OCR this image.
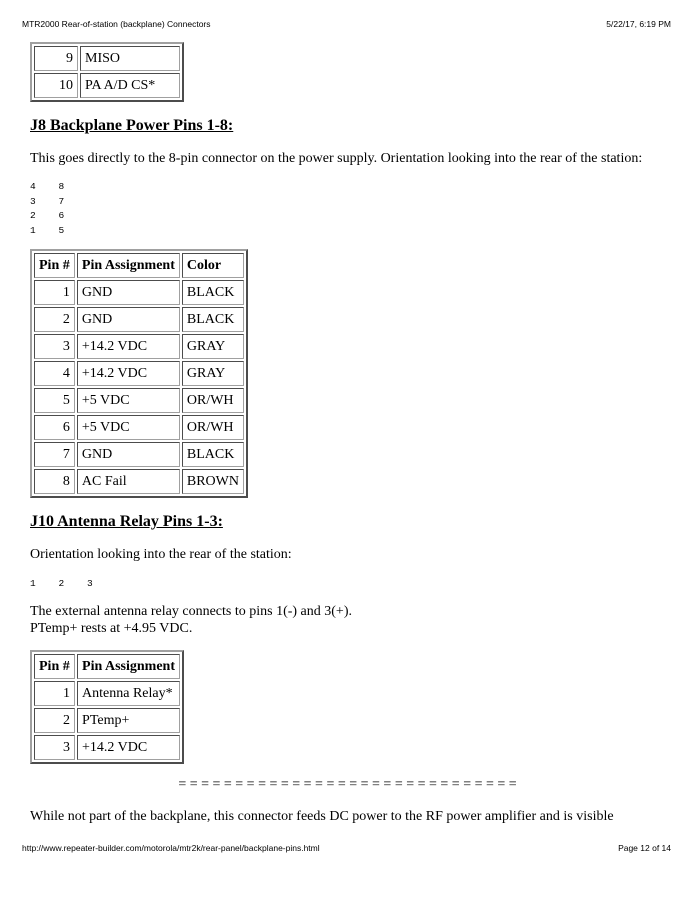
MTR2000 Rear-of-station (backplane) Connectors	5/22/17, 6:19 PM
9	MISO
10	PA A/D CS*
J8 Backplane Power Pins 1-8:

This goes directly to the 8-pin connector on the power supply. Orientation looking into the rear of the station:

4    8
3    7
2    6
1    5
Pin #	Pin Assignment	Color
1	GND	BLACK
2	GND	BLACK
3	+14.2 VDC	GRAY
4	+14.2 VDC	GRAY
5	+5 VDC	OR/WH
6	+5 VDC	OR/WH
7	GND	BLACK
8	AC Fail	BROWN
J10 Antenna Relay Pins 1-3:

Orientation looking into the rear of the station:

1    2    3

The external antenna relay connects to pins 1(-) and 3(+).

PTemp+ rests at +4.95 VDC.

Pin #	Pin Assignment
1	Antenna Relay*
2	PTemp+
3	+14.2 VDC
= = = = = = = = = = = = = = = = = = = = = = = = = = = = = =

While not part of the backplane, this connector feeds DC power to the RF power amplifier and is visible

http://www.repeater-builder.com/motorola/mtr2k/rear-panel/backplane-pins.html	Page 12 of 14
